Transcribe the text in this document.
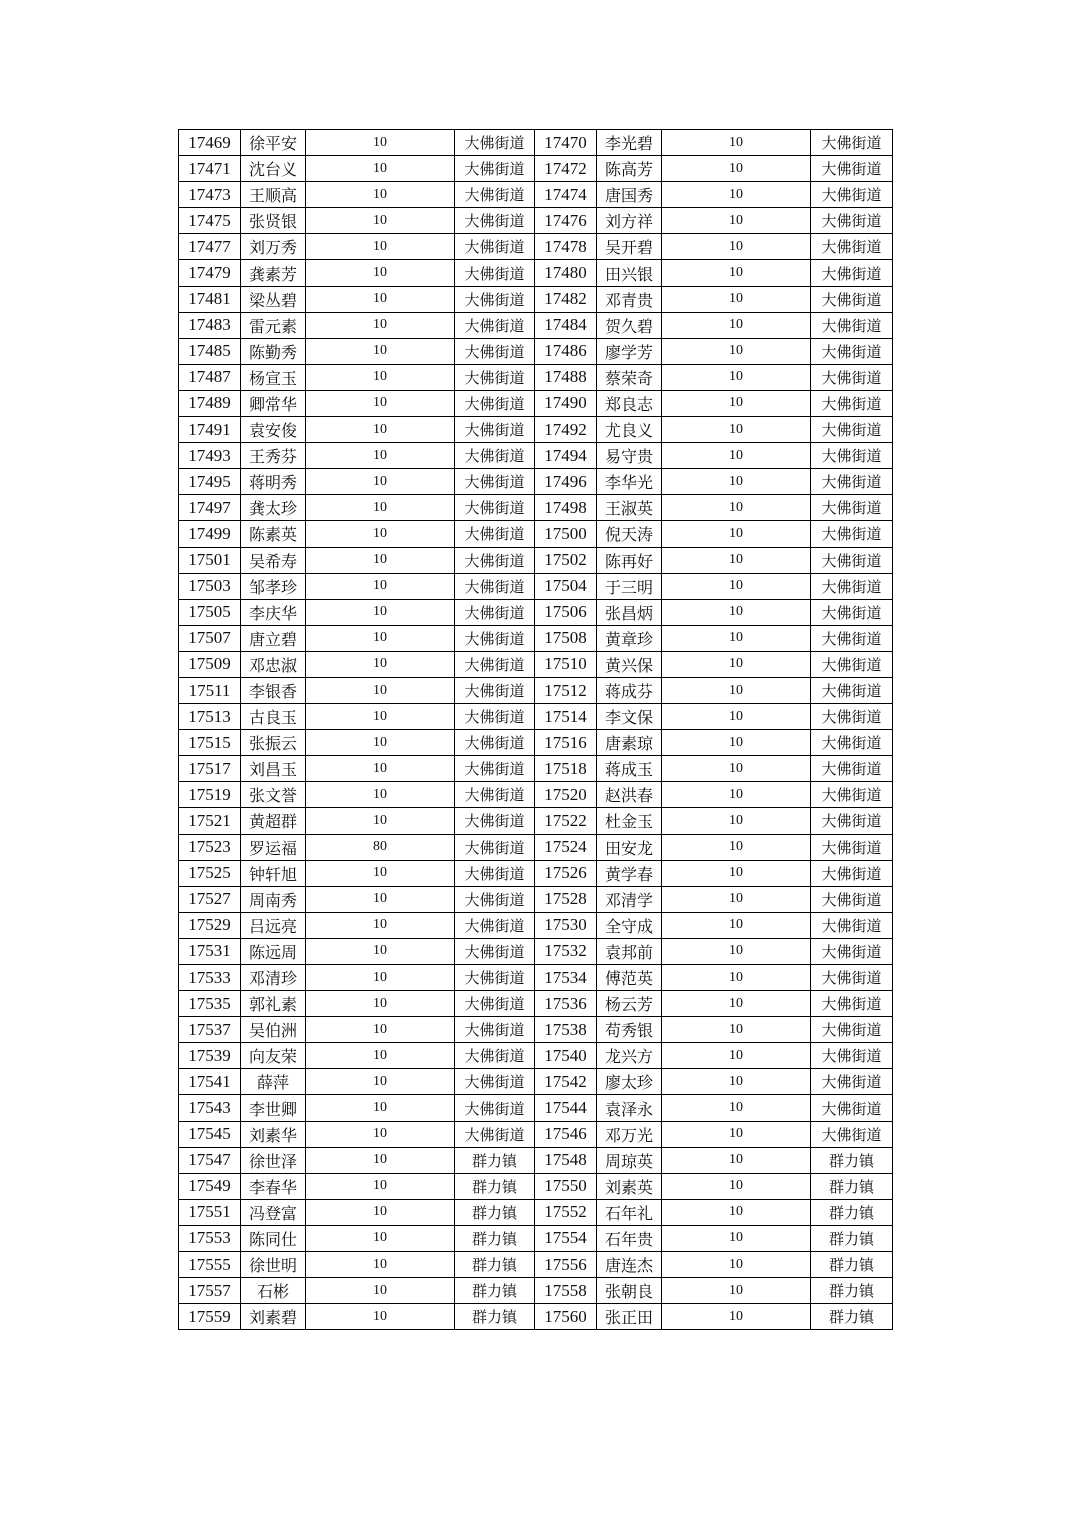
17469	徐平安	10	大佛街道	17470	李光碧	10	大佛街道
17471	沈台义	10	大佛街道	17472	陈高芳	10	大佛街道
17473	王顺高	10	大佛街道	17474	唐国秀	10	大佛街道
17475	张贤银	10	大佛街道	17476	刘方祥	10	大佛街道
17477	刘万秀	10	大佛街道	17478	吴开碧	10	大佛街道
17479	龚素芳	10	大佛街道	17480	田兴银	10	大佛街道
17481	梁丛碧	10	大佛街道	17482	邓青贵	10	大佛街道
17483	雷元素	10	大佛街道	17484	贺久碧	10	大佛街道
17485	陈勤秀	10	大佛街道	17486	廖学芳	10	大佛街道
17487	杨宣玉	10	大佛街道	17488	蔡荣奇	10	大佛街道
17489	卿常华	10	大佛街道	17490	郑良志	10	大佛街道
17491	袁安俊	10	大佛街道	17492	尤良义	10	大佛街道
17493	王秀芬	10	大佛街道	17494	易守贵	10	大佛街道
17495	蒋明秀	10	大佛街道	17496	李华光	10	大佛街道
17497	龚太珍	10	大佛街道	17498	王淑英	10	大佛街道
17499	陈素英	10	大佛街道	17500	倪天涛	10	大佛街道
17501	吴希寿	10	大佛街道	17502	陈再好	10	大佛街道
17503	邹孝珍	10	大佛街道	17504	于三明	10	大佛街道
17505	李庆华	10	大佛街道	17506	张昌炳	10	大佛街道
17507	唐立碧	10	大佛街道	17508	黄章珍	10	大佛街道
17509	邓忠淑	10	大佛街道	17510	黄兴保	10	大佛街道
17511	李银香	10	大佛街道	17512	蒋成芬	10	大佛街道
17513	古良玉	10	大佛街道	17514	李文保	10	大佛街道
17515	张振云	10	大佛街道	17516	唐素琼	10	大佛街道
17517	刘昌玉	10	大佛街道	17518	蒋成玉	10	大佛街道
17519	张文誉	10	大佛街道	17520	赵洪春	10	大佛街道
17521	黄超群	10	大佛街道	17522	杜金玉	10	大佛街道
17523	罗运福	80	大佛街道	17524	田安龙	10	大佛街道
17525	钟轩旭	10	大佛街道	17526	黄学春	10	大佛街道
17527	周南秀	10	大佛街道	17528	邓清学	10	大佛街道
17529	吕远亮	10	大佛街道	17530	全守成	10	大佛街道
17531	陈远周	10	大佛街道	17532	袁邦前	10	大佛街道
17533	邓清珍	10	大佛街道	17534	傅范英	10	大佛街道
17535	郭礼素	10	大佛街道	17536	杨云芳	10	大佛街道
17537	吴伯洲	10	大佛街道	17538	苟秀银	10	大佛街道
17539	向友荣	10	大佛街道	17540	龙兴方	10	大佛街道
17541	薛萍	10	大佛街道	17542	廖太珍	10	大佛街道
17543	李世卿	10	大佛街道	17544	袁泽永	10	大佛街道
17545	刘素华	10	大佛街道	17546	邓万光	10	大佛街道
17547	徐世泽	10	群力镇	17548	周琼英	10	群力镇
17549	李春华	10	群力镇	17550	刘素英	10	群力镇
17551	冯登富	10	群力镇	17552	石年礼	10	群力镇
17553	陈同仕	10	群力镇	17554	石年贵	10	群力镇
17555	徐世明	10	群力镇	17556	唐连杰	10	群力镇
17557	石彬	10	群力镇	17558	张朝良	10	群力镇
17559	刘素碧	10	群力镇	17560	张正田	10	群力镇
